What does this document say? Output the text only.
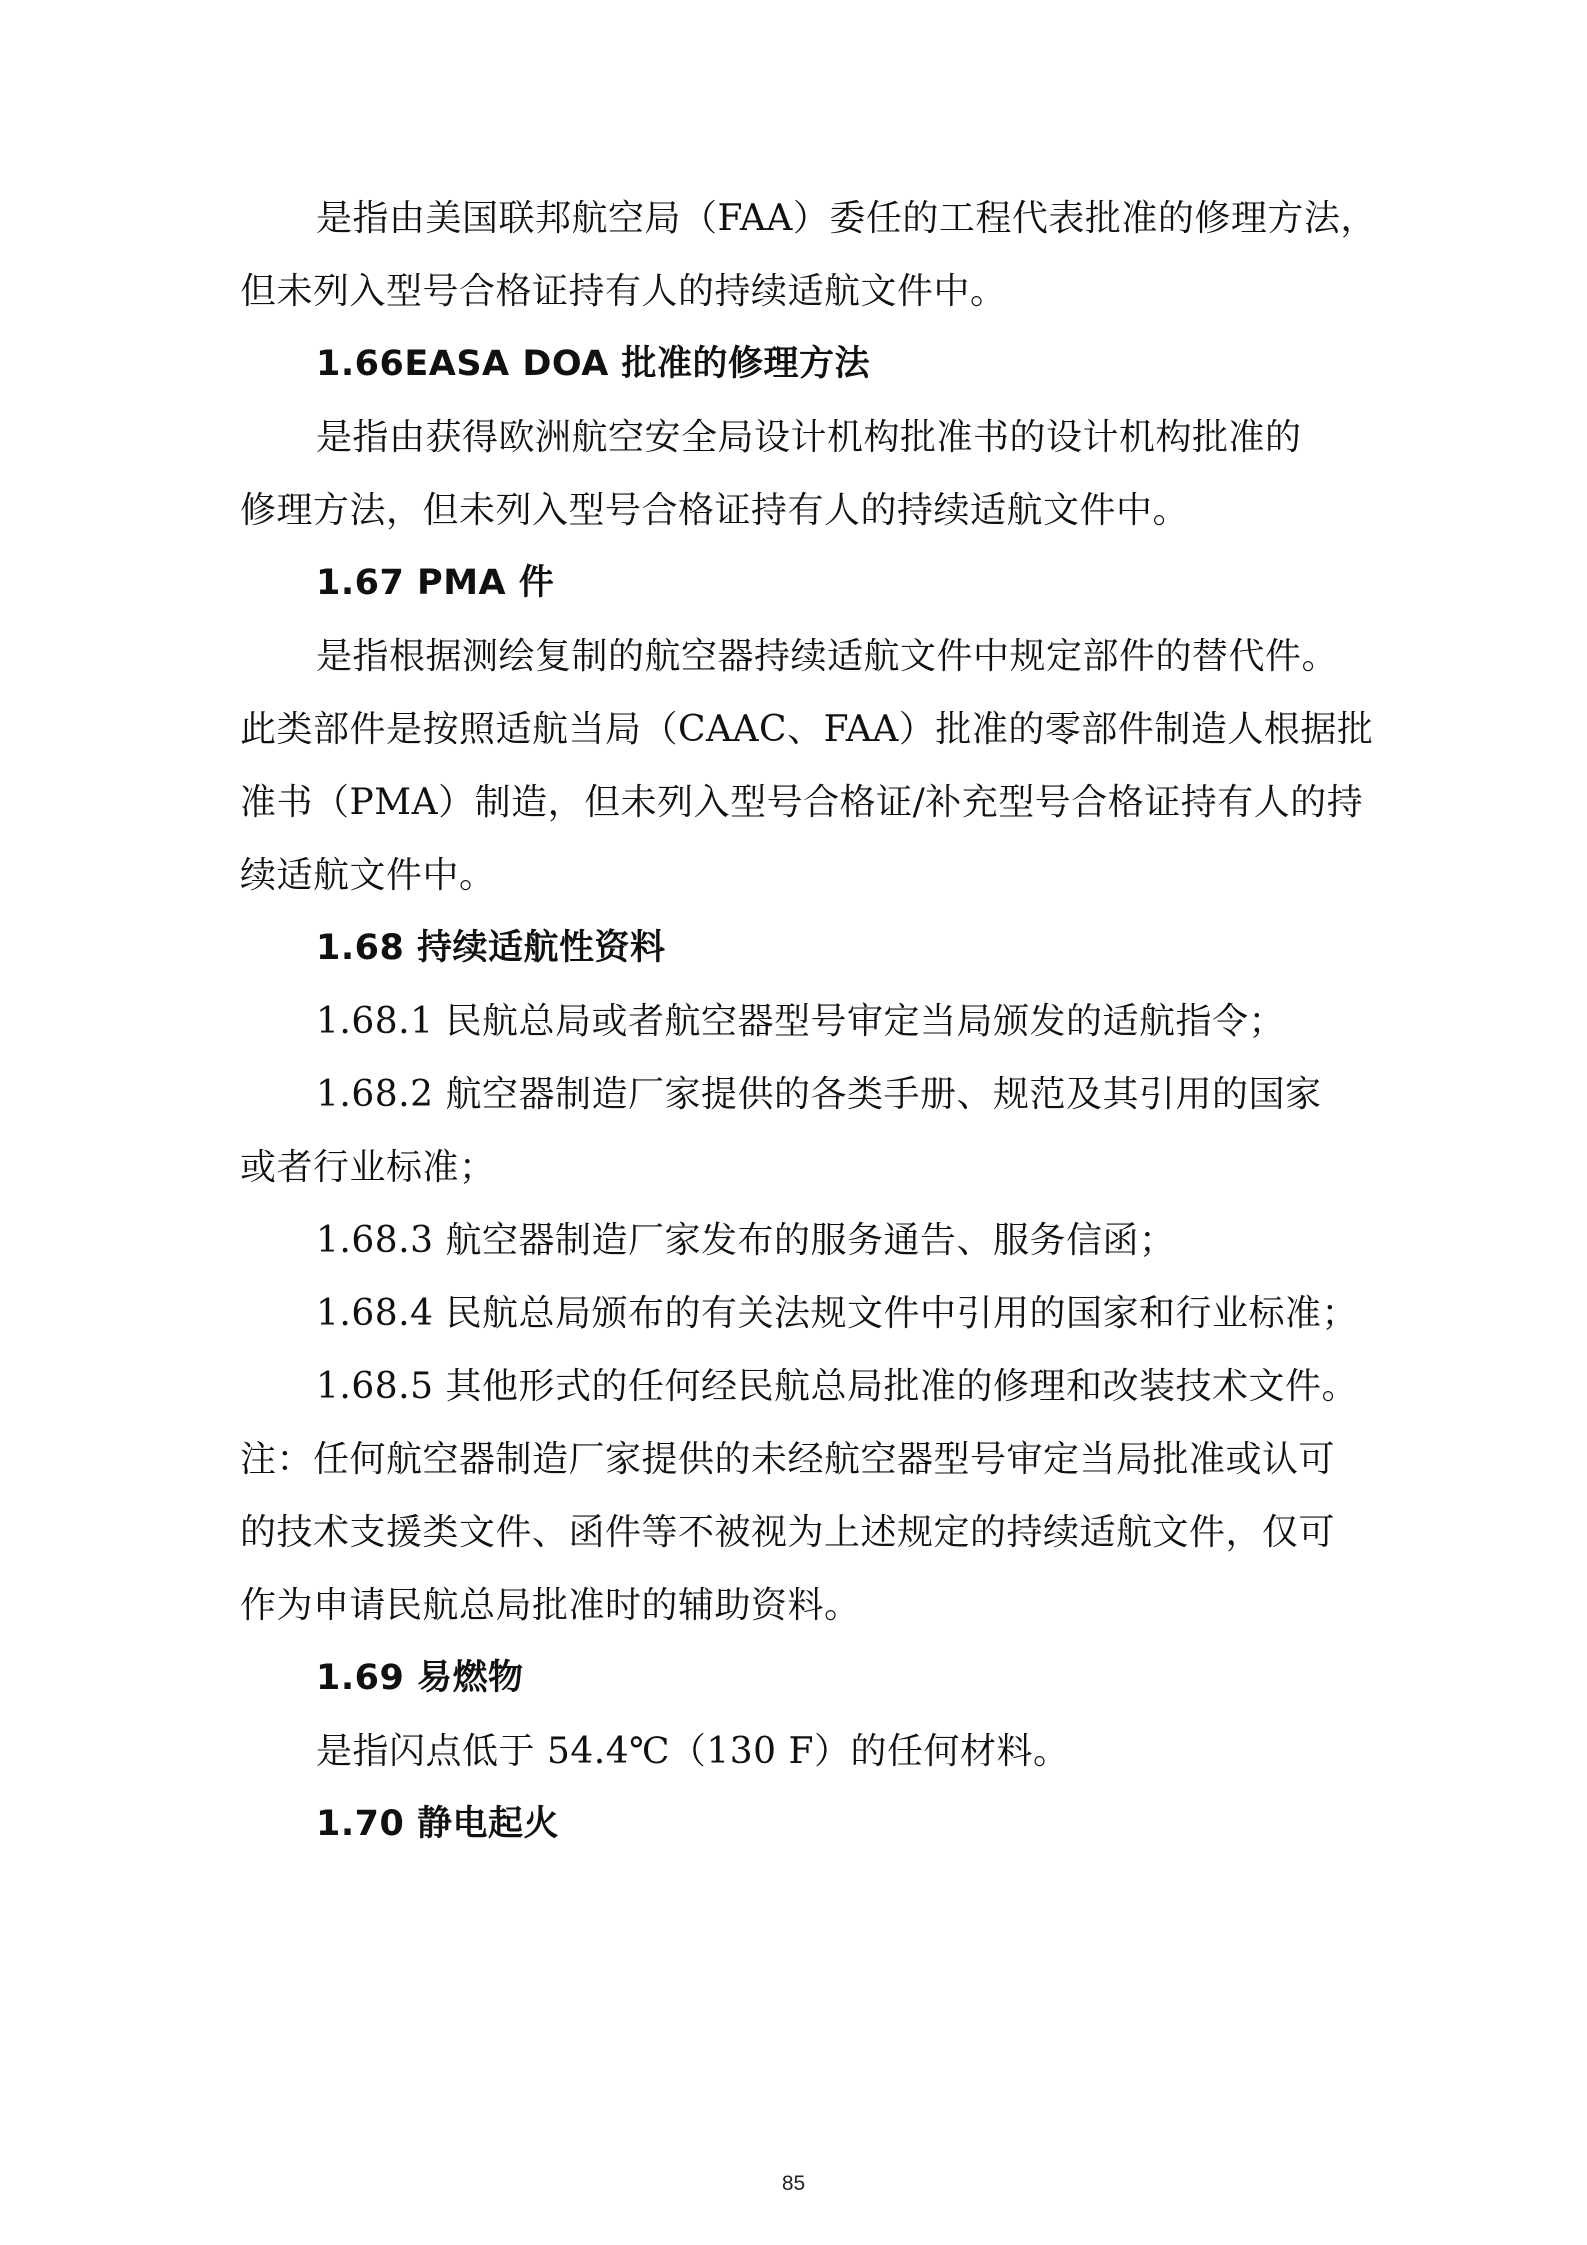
是指由美国联邦航空局（FAA）委任的工程代表批准的修理方法，
但未列入型号合格证持有人的持续适航文件中。
1.66EASA DOA 批准的修理方法
是指由获得欧洲航空安全局设计机构批准书的设计机构批准的
修理方法，但未列入型号合格证持有人的持续适航文件中。
1.67 PMA 件
是指根据测绘复制的航空器持续适航文件中规定部件的替代件。
此类部件是按照适航当局（CAAC、FAA）批准的零部件制造人根据批
准书（PMA）制造，但未列入型号合格证/补充型号合格证持有人的持
续适航文件中。
1.68 持续适航性资料
1.68.1 民航总局或者航空器型号审定当局颁发的适航指令；
1.68.2 航空器制造厂家提供的各类手册、规范及其引用的国家
或者行业标准；
1.68.3 航空器制造厂家发布的服务通告、服务信函；
1.68.4 民航总局颁布的有关法规文件中引用的国家和行业标准；
1.68.5 其他形式的任何经民航总局批准的修理和改装技术文件。
注：任何航空器制造厂家提供的未经航空器型号审定当局批准或认可
的技术支援类文件、函件等不被视为上述规定的持续适航文件，仅可
作为申请民航总局批准时的辅助资料。
1.69 易燃物
是指闪点低于 54.4℃（130 F）的任何材料。
1.70 静电起火
85
